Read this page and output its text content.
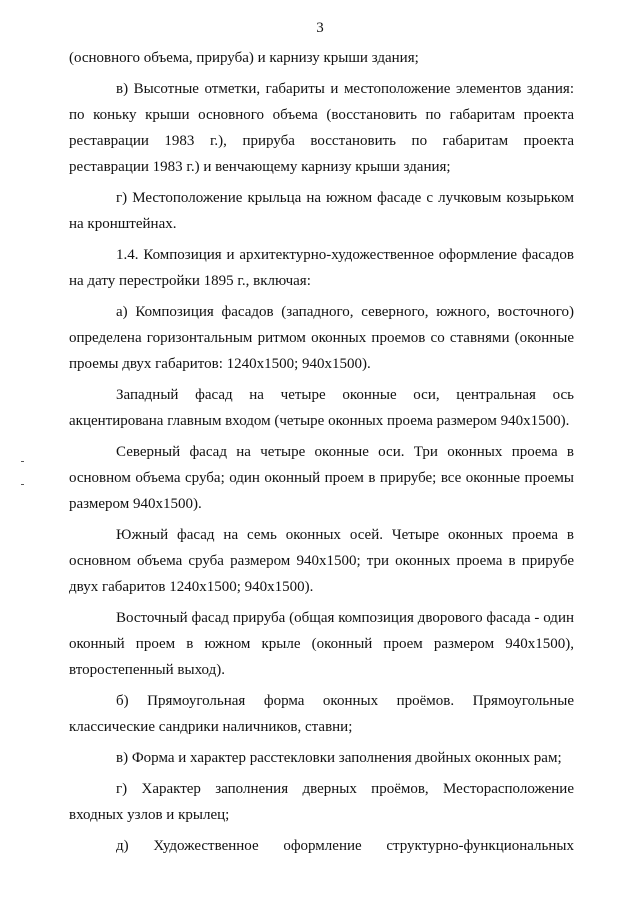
3

(основного объема, прируба) и карнизу крыши здания;

в) Высотные отметки, габариты и местоположение элементов здания: по коньку крыши основного объема (восстановить по габаритам проекта реставрации 1983 г.), прируба восстановить по габаритам проекта реставрации 1983 г.) и венчающему карнизу крыши здания;

г) Местоположение крыльца на южном фасаде с лучковым козырьком на кронштейнах.

1.4. Композиция и архитектурно-художественное оформление фасадов на дату перестройки 1895 г., включая:

а) Композиция фасадов (западного, северного, южного, восточного) определена горизонтальным ритмом оконных проемов со ставнями (оконные проемы двух габаритов: 1240х1500; 940х1500).

Западный фасад на четыре оконные оси, центральная ось акцентирована главным входом (четыре оконных проема размером 940х1500).

Северный фасад на четыре оконные оси. Три оконных проема в основном объема сруба; один оконный проем в прирубе; все оконные проемы размером 940х1500).

Южный фасад на семь оконных осей. Четыре оконных проема в основном объема сруба размером 940х1500; три оконных проема в прирубе двух габаритов 1240х1500; 940х1500).

Восточный фасад прируба (общая композиция дворового фасада - один оконный проем в южном крыле (оконный проем размером 940х1500), второстепенный выход).

б) Прямоугольная форма оконных проёмов. Прямоугольные классические сандрики наличников, ставни;

в) Форма и характер расстекловки заполнения двойных оконных рам;

г) Характер заполнения дверных проёмов, Месторасположение входных узлов и крылец;

д) Художественное оформление структурно-функциональных
